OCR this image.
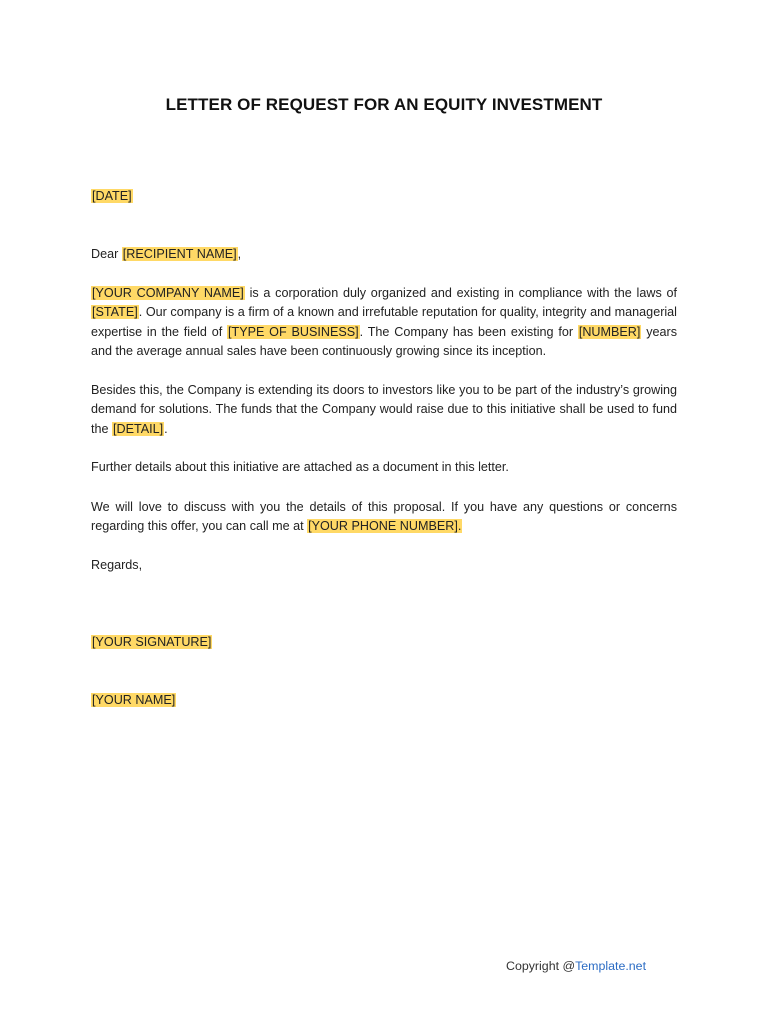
LETTER OF REQUEST FOR AN EQUITY INVESTMENT
[DATE]
Dear [RECIPIENT NAME],
[YOUR COMPANY NAME] is a corporation duly organized and existing in compliance with the laws of [STATE]. Our company is a firm of a known and irrefutable reputation for quality, integrity and managerial expertise in the field of [TYPE OF BUSINESS]. The Company has been existing for [NUMBER] years and the average annual sales have been continuously growing since its inception.
Besides this, the Company is extending its doors to investors like you to be part of the industry’s growing demand for solutions. The funds that the Company would raise due to this initiative shall be used to fund the [DETAIL].
Further details about this initiative are attached as a document in this letter.
We will love to discuss with you the details of this proposal. If you have any questions or concerns regarding this offer, you can call me at [YOUR PHONE NUMBER].
Regards,
[YOUR SIGNATURE]
[YOUR NAME]
Copyright @Template.net
